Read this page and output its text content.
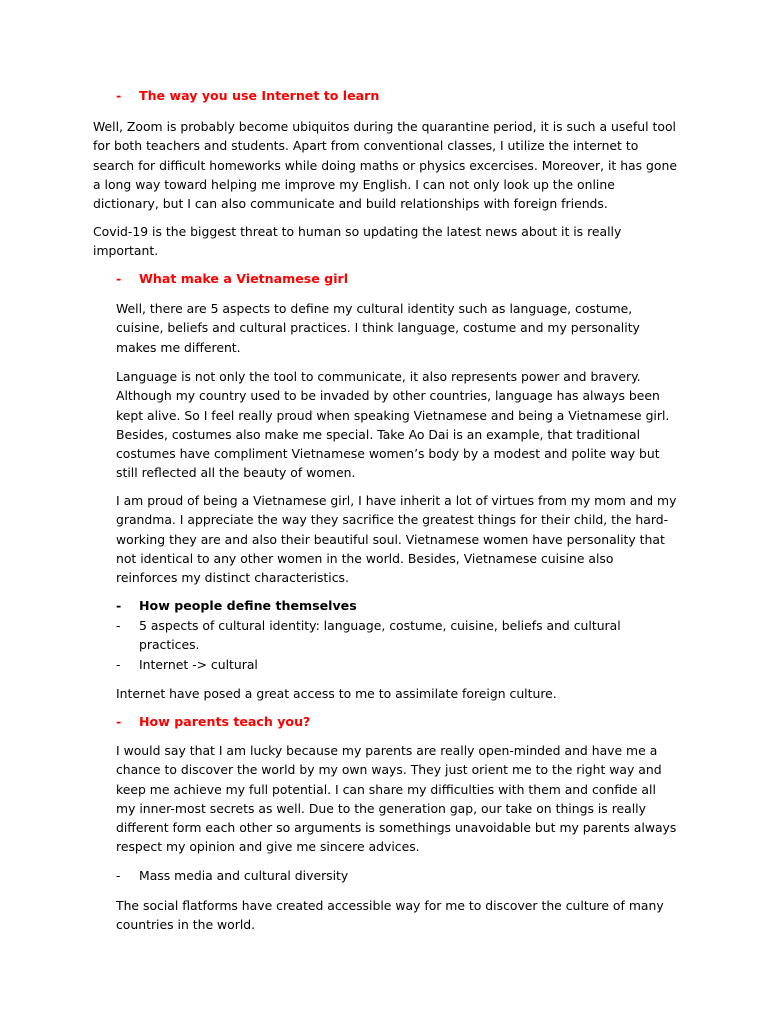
- The way you use Internet to learn

Well, Zoom is probably become ubiquitos during the quarantine period, it is such a useful tool for both teachers and students. Apart from conventional classes, I utilize the internet to search for difficult homeworks while doing maths or physics excercises. Moreover, it has gone a long way toward helping me improve my English. I can not only look up the online dictionary, but I can also communicate and build relationships with foreign friends.

Covid-19 is the biggest threat to human so updating the latest news about it is really important.

- What make a Vietnamese girl

Well, there are 5 aspects to define my cultural identity such as language, costume, cuisine, beliefs and cultural practices. I think language, costume and my personality makes me different.

Language is not only the tool to communicate, it also represents power and bravery. Although my country used to be invaded by other countries, language has always been kept alive. So I feel really proud when speaking Vietnamese and being a Vietnamese girl. Besides, costumes also make me special. Take Ao Dai is an example, that traditional costumes have compliment Vietnamese women’s body by a modest and polite way but still reflected all the beauty of women.

I am proud of being a Vietnamese girl, I have inherit a lot of virtues from my mom and my grandma. I appreciate the way they sacrifice the greatest things for their child, the hard-working they are and also their beautiful soul. Vietnamese women have personality that not identical to any other women in the world. Besides, Vietnamese cuisine also reinforces my distinct characteristics.

- How people define themselves
-	5 aspects of cultural identity: language, costume, cuisine, beliefs and cultural practices.
-	Internet -> cultural

Internet have posed a great access to me to assimilate foreign culture.

- How parents teach you?

I would say that I am lucky because my parents are really open-minded and have me a chance to discover the world by my own ways. They just orient me to the right way and keep me achieve my full potential. I can share my difficulties with them and confide all my inner-most secrets as well. Due to the generation gap, our take on things is really different form each other so arguments is somethings unavoidable but my parents always respect my opinion and give me sincere advices.

-	Mass media and cultural diversity

The social flatforms have created accessible way for me to discover the culture of many countries in the world.
